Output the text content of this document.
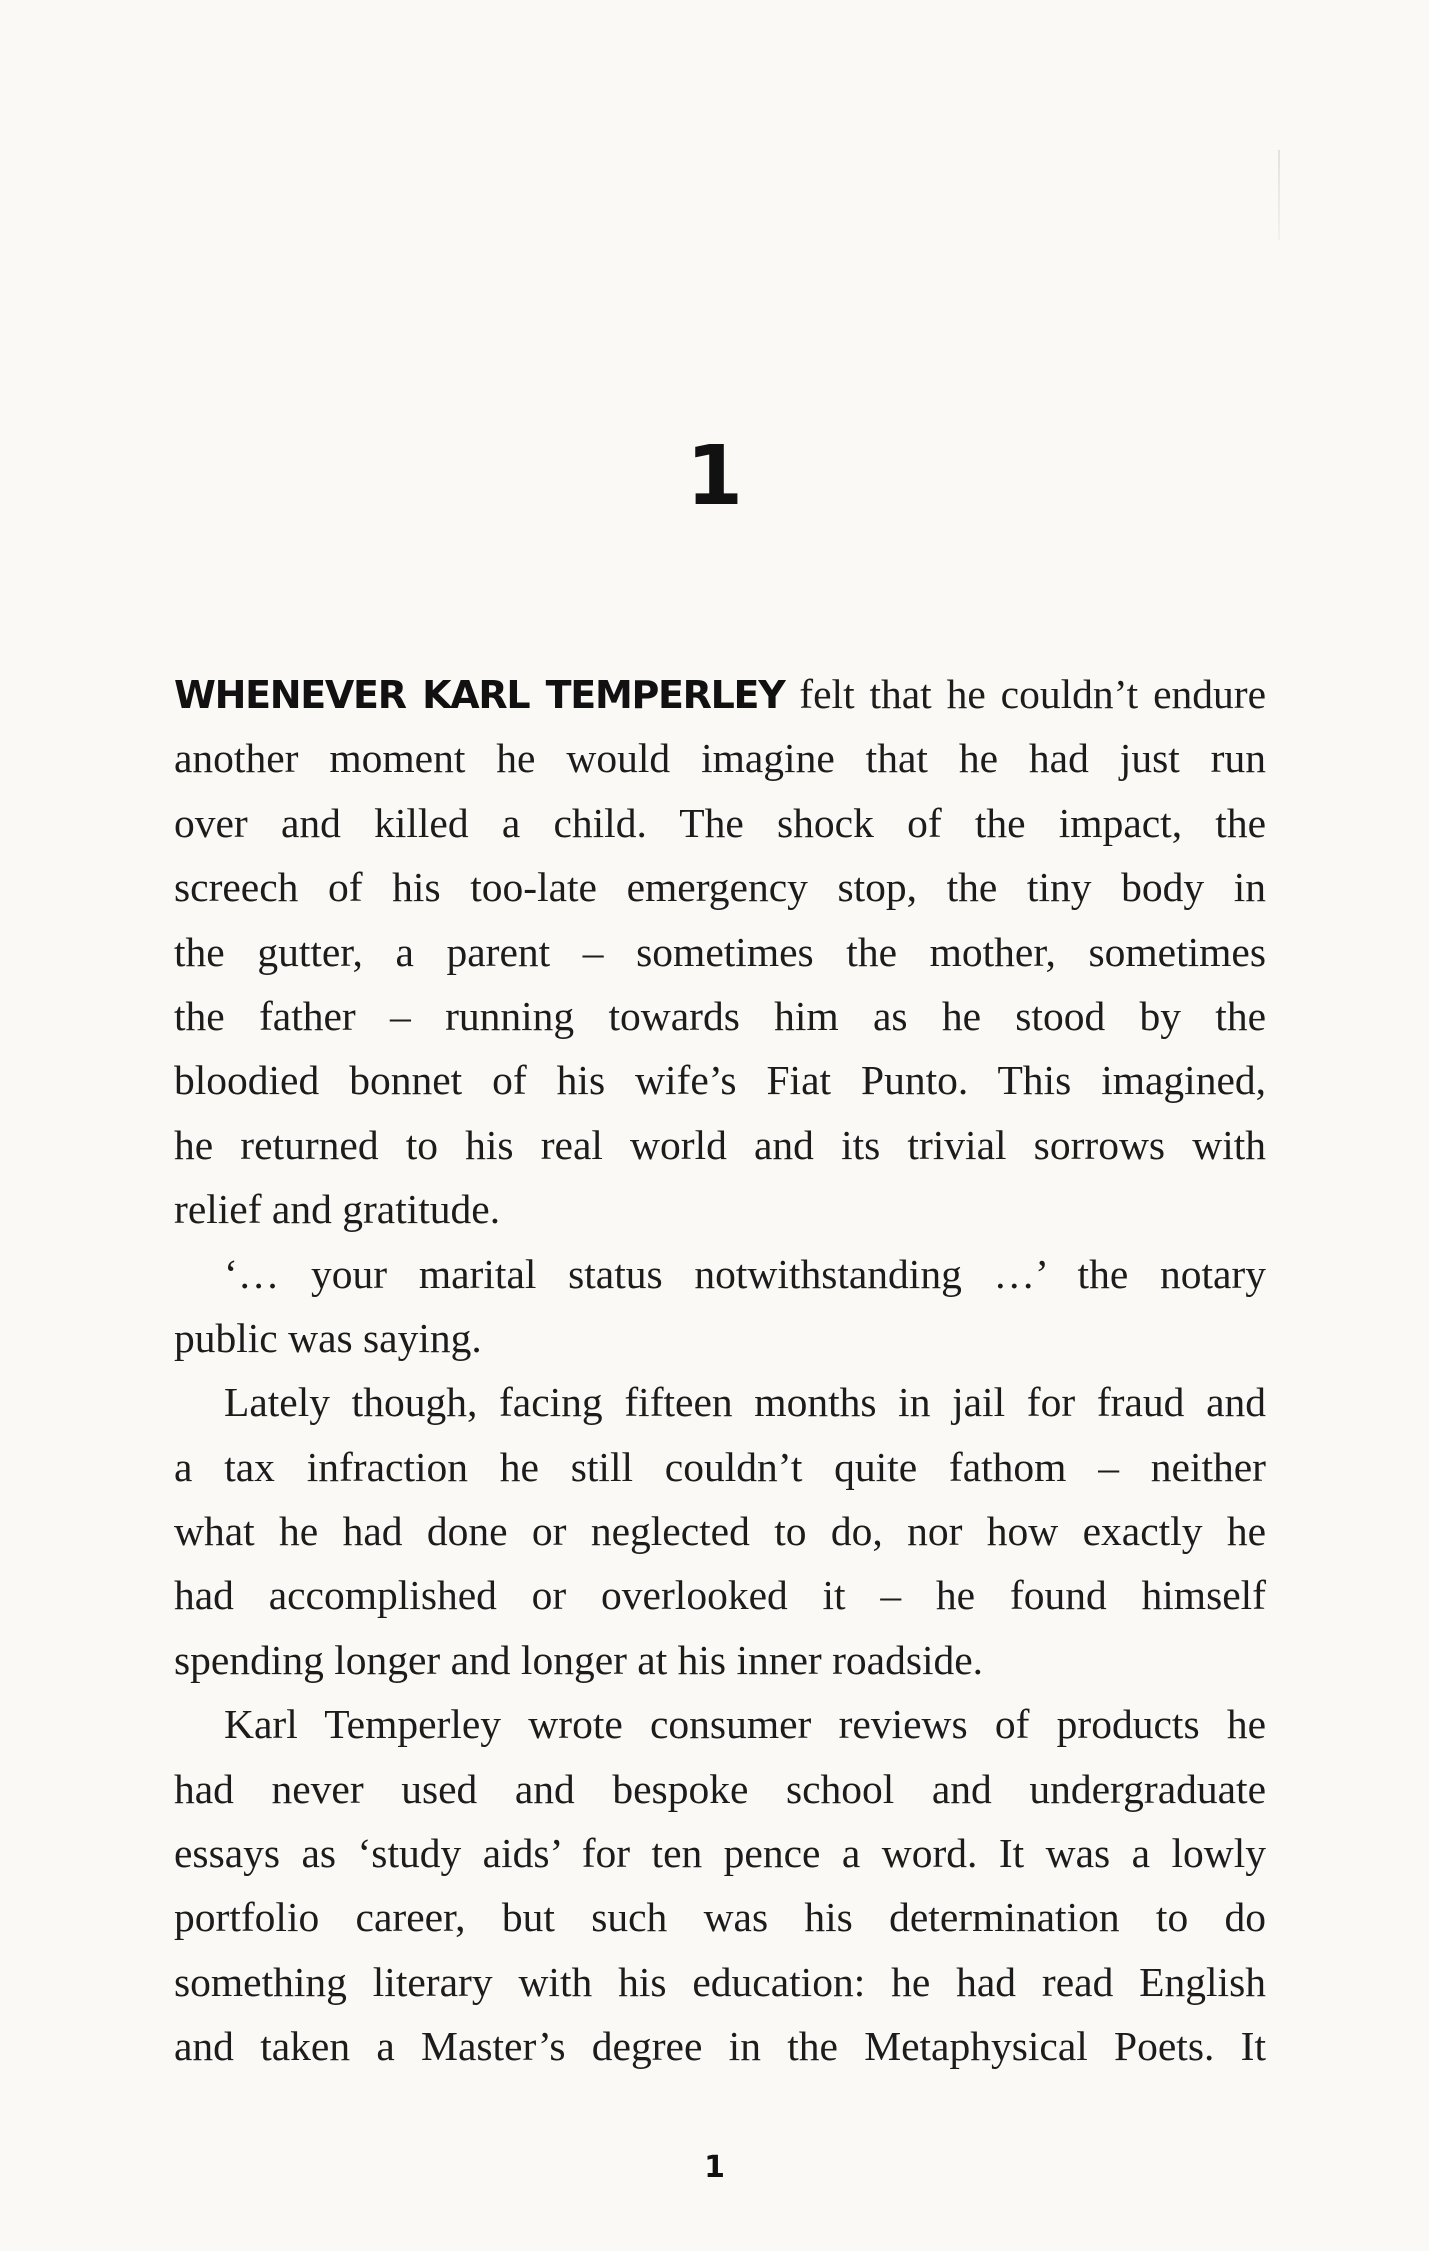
1
WHENEVER KARL TEMPERLEY felt that he couldn’t endure
another moment he would imagine that he had just run
over and killed a child. The shock of the impact, the
screech of his too-late emergency stop, the tiny body in
the gutter, a parent – sometimes the mother, sometimes
the father – running towards him as he stood by the
bloodied bonnet of his wife’s Fiat Punto. This imagined,
he returned to his real world and its trivial sorrows with
relief and gratitude.
‘… your marital status notwithstanding …’ the notary
public was saying.
Lately though, facing fifteen months in jail for fraud and
a tax infraction he still couldn’t quite fathom – neither
what he had done or neglected to do, nor how exactly he
had accomplished or overlooked it – he found himself
spending longer and longer at his inner roadside.
Karl Temperley wrote consumer reviews of products he
had never used and bespoke school and undergraduate
essays as ‘study aids’ for ten pence a word. It was a lowly
portfolio career, but such was his determination to do
something literary with his education: he had read English
and taken a Master’s degree in the Metaphysical Poets. It
1
